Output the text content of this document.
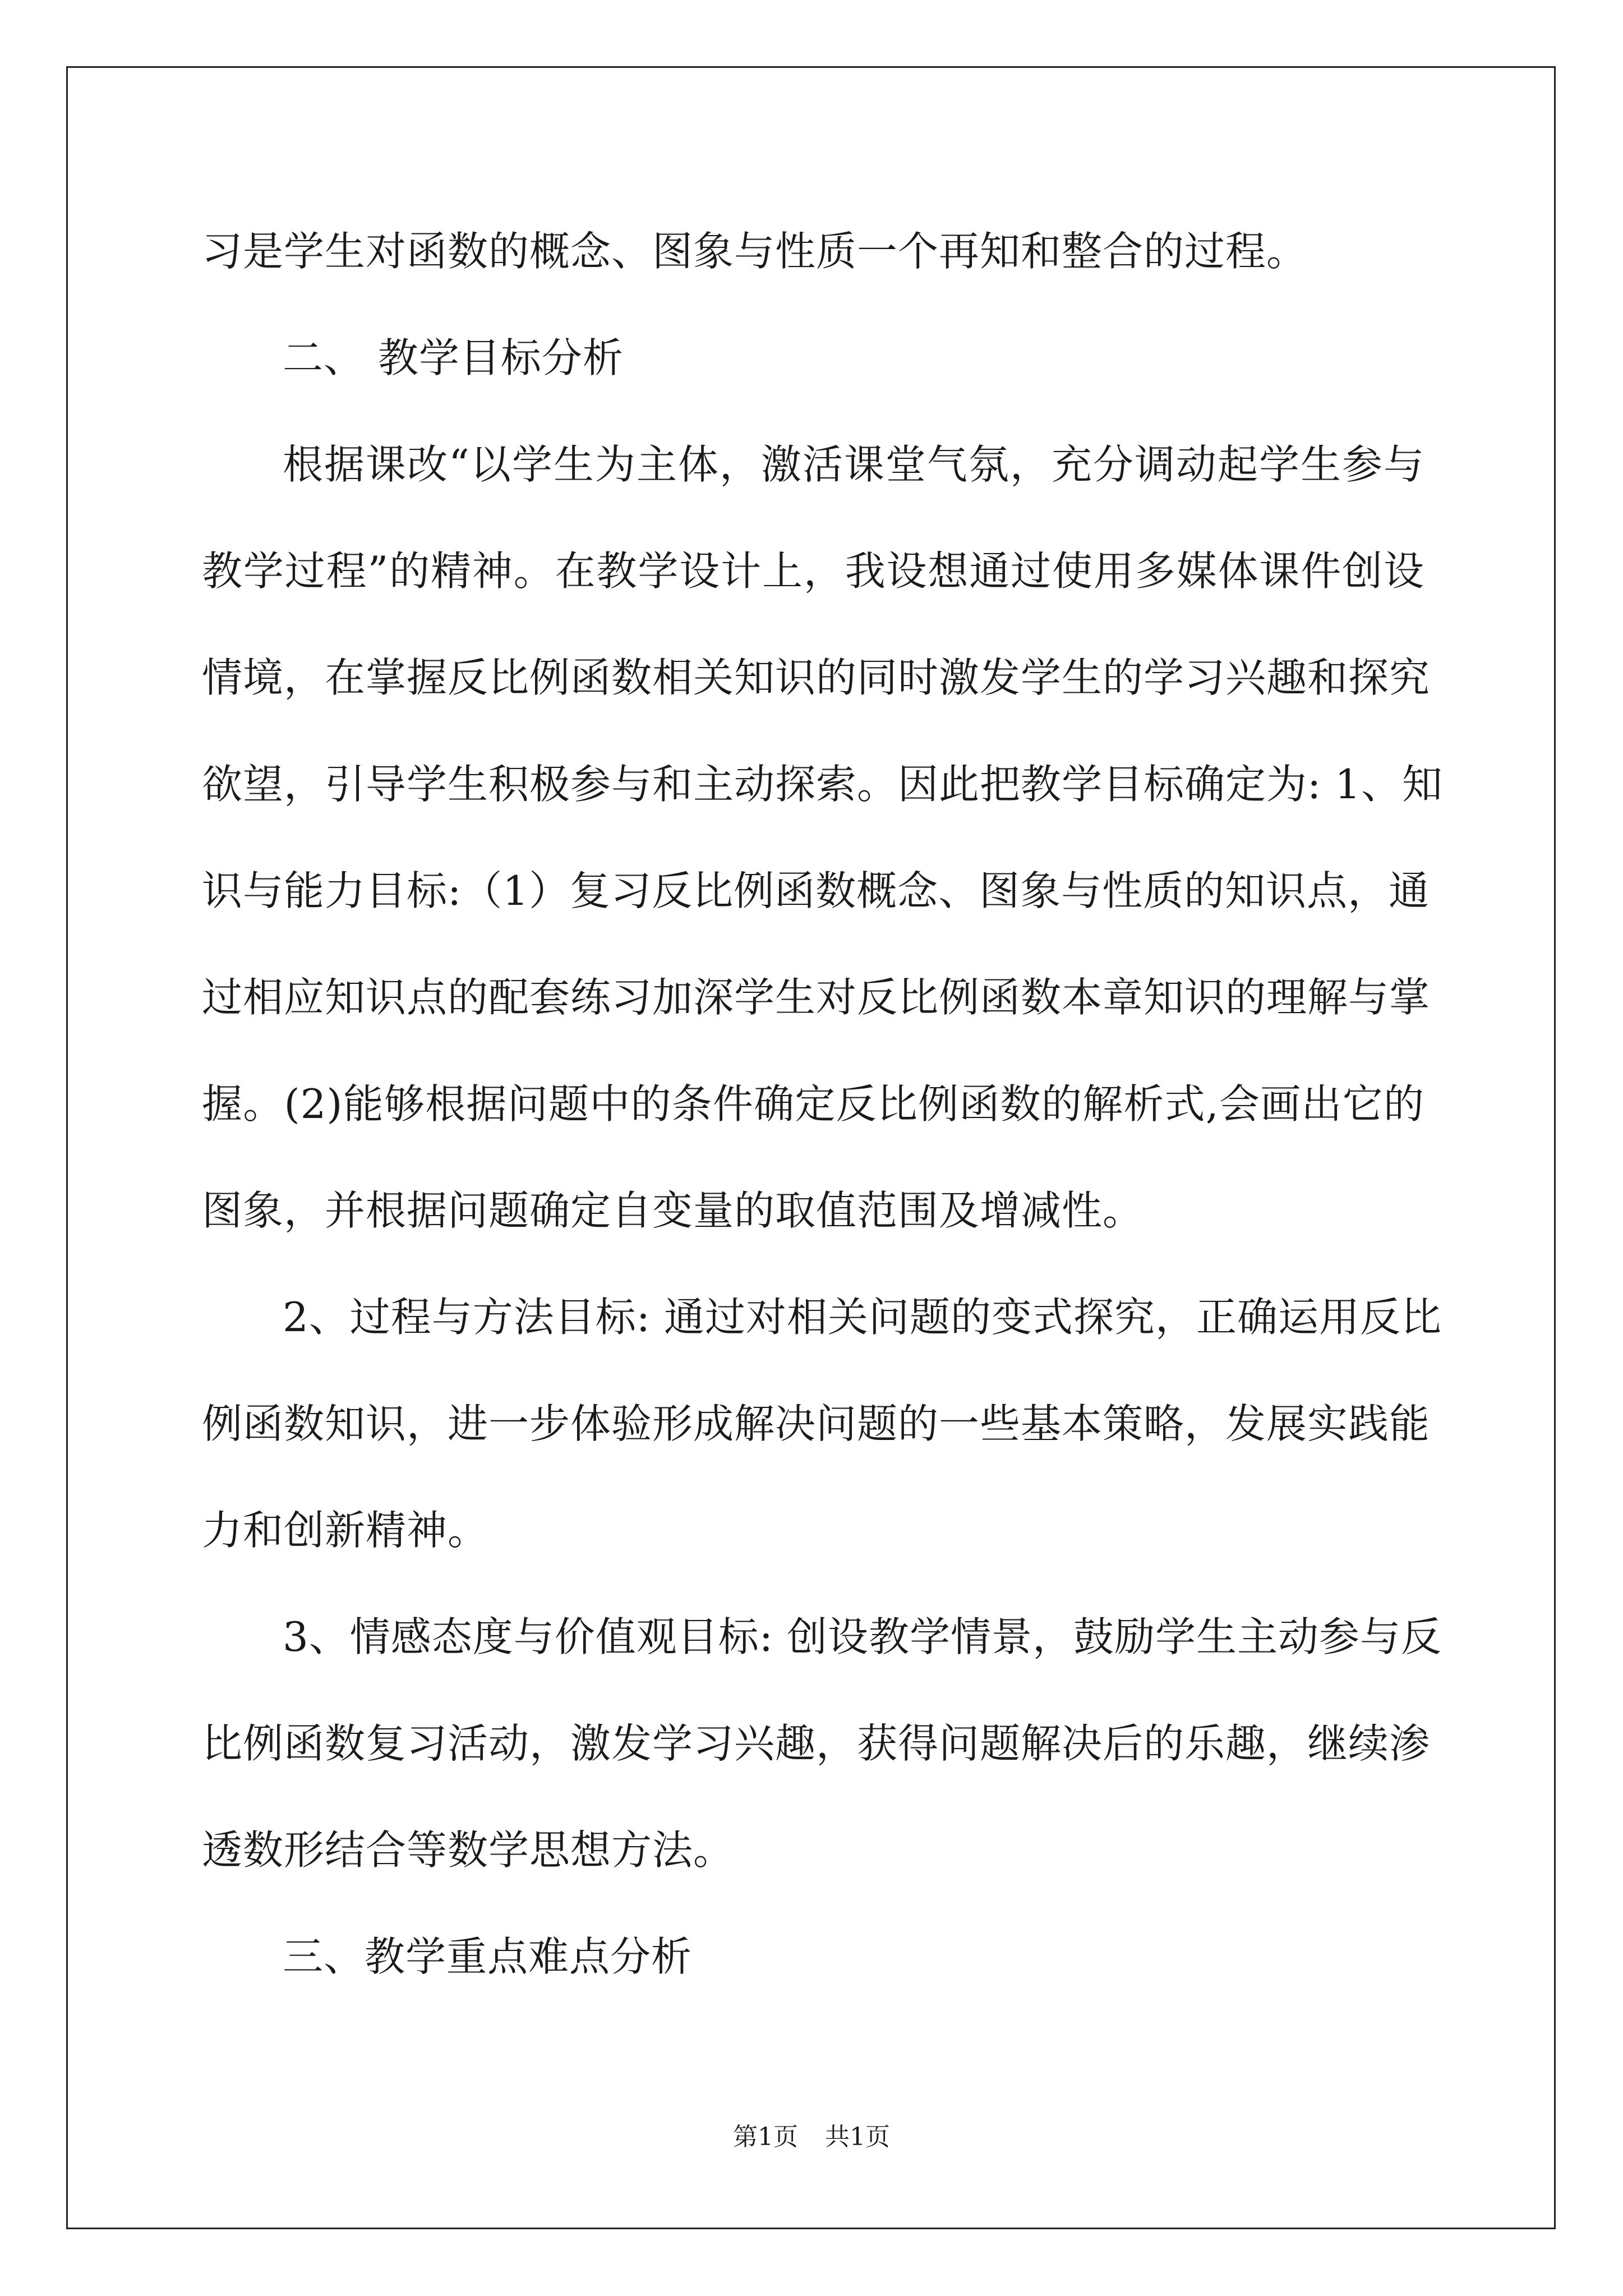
习是学生对函数的概念、图象与性质一个再知和整合的过程。
二、 教学目标分析
根据课改“以学生为主体，激活课堂气氛，充分调动起学生参与
教学过程”的精神。在教学设计上，我设想通过使用多媒体课件创设
情境，在掌握反比例函数相关知识的同时激发学生的学习兴趣和探究
欲望，引导学生积极参与和主动探索。因此把教学目标确定为: 1、知
识与能力目标:（1）复习反比例函数概念、图象与性质的知识点，通
过相应知识点的配套练习加深学生对反比例函数本章知识的理解与掌
握。(2)能够根据问题中的条件确定反比例函数的解析式,会画出它的
图象，并根据问题确定自变量的取值范围及增减性。
2、过程与方法目标: 通过对相关问题的变式探究，正确运用反比
例函数知识，进一步体验形成解决问题的一些基本策略，发展实践能
力和创新精神。
3、情感态度与价值观目标: 创设教学情景，鼓励学生主动参与反
比例函数复习活动，激发学习兴趣，获得问题解决后的乐趣，继续渗
透数形结合等数学思想方法。
三、教学重点难点分析
第1页 共1页
